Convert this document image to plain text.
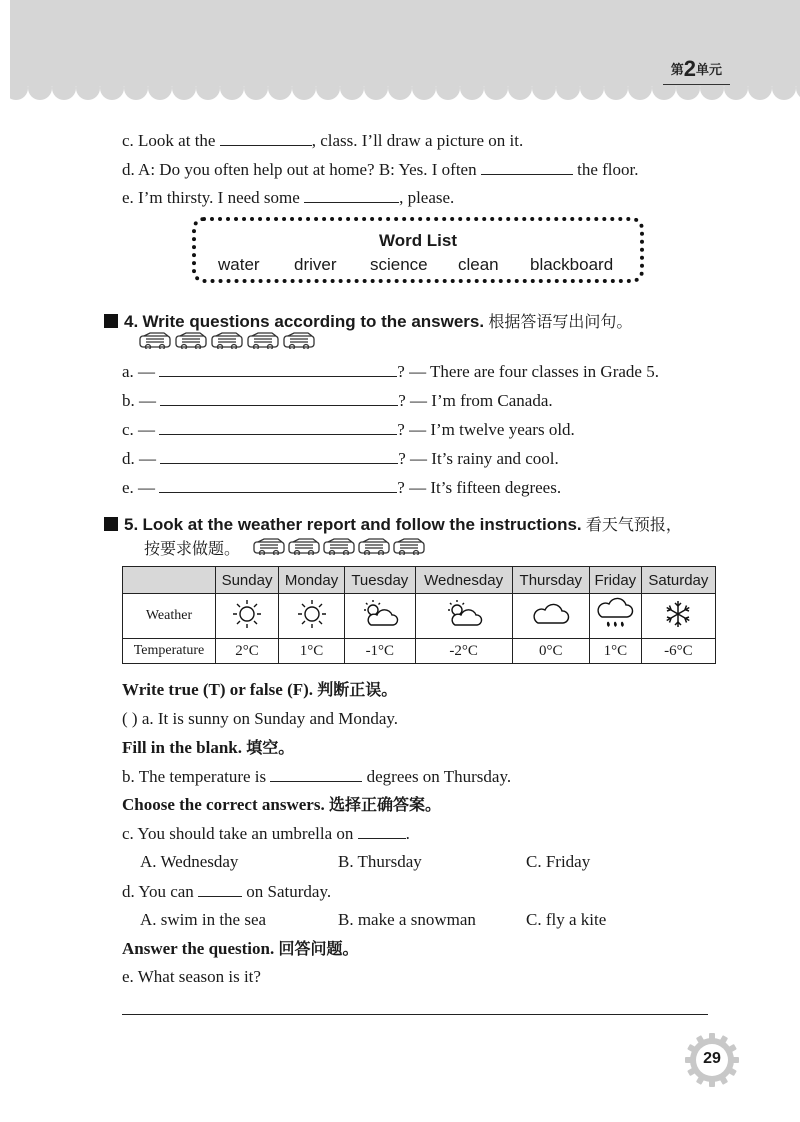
第2单元
c. Look at the	, class. I’ll draw a picture on it.
d. A: Do you often help out at home? B: Yes. I often	the floor.
e. I’m thirsty. I need some	, please.
Word List
water driver science clean blackboard
4. Write questions according to the answers. 根据答语写出问句。
a. —	? — There are four classes in Grade 5.
b. —	? — I’m from Canada.
c. —	? — I’m twelve years old.
d. —	? — It’s rainy and cool.
e. —	? — It’s fifteen degrees.
5. Look at the weather report and follow the instructions. 看天气预报，
按要求做题。
	Sunday	Monday	Tuesday	Wednesday	Thursday	Friday	Saturday
Weather							
Temperature	2°C	1°C	-1°C	-2°C	0°C	1°C	-6°C
Write true (T) or false (F). 判断正误。
( ) a. It is sunny on Sunday and Monday.
Fill in the blank. 填空。
b. The temperature is	degrees on Thursday.
Choose the correct answers. 选择正确答案。
c. You should take an umbrella on	.
A. Wednesday	B. Thursday	C. Friday
d. You can	on Saturday.
A. swim in the sea	B. make a snowman	C. fly a kite
Answer the question. 回答问题。
e. What season is it?
29
